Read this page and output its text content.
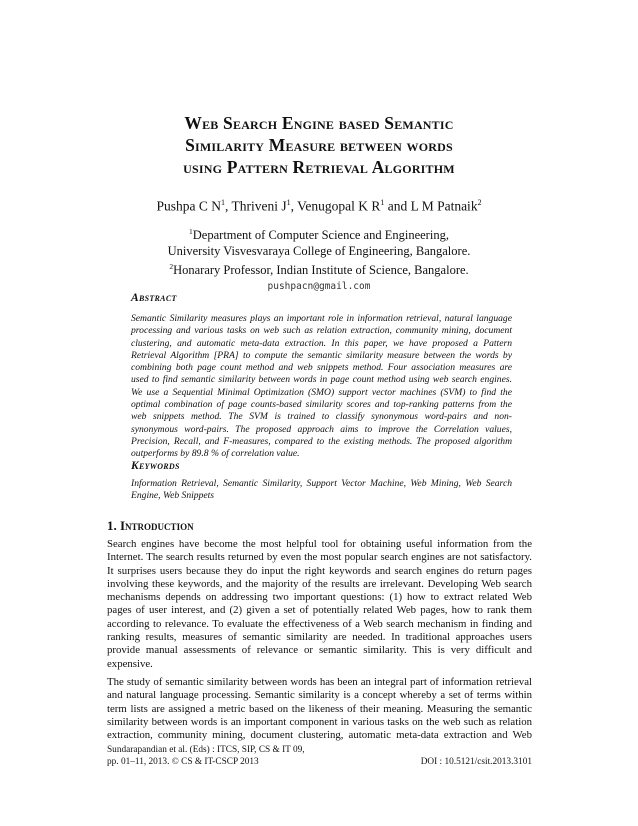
Web Search Engine based Semantic
Similarity Measure between words
using Pattern Retrieval Algorithm
Pushpa C $N^1$, Thriveni $J^1$, Venugopal K $R^1$ and L M Patnaik$^2$
$^1$Department of Computer Science and Engineering,
University Visvesvaraya College of Engineering, Bangalore.
$^2$Honarary Professor, Indian Institute of Science, Bangalore.
pushpacn@gmail.com
Abstract

Semantic Similarity measures plays an important role in information retrieval, natural language
processing and various tasks on web such as relation extraction, community mining, document
clustering, and automatic meta-data extraction. In this paper, we have proposed a Pattern
Retrieval Algorithm [PRA] to compute the semantic similarity measure between the words by
combining both page count method and web snippets method. Four association measures are
used to find semantic similarity between words in page count method using web search engines.
We use a Sequential Minimal Optimization (SMO) support vector machines (SVM) to find the
optimal combination of page counts-based similarity scores and top-ranking patterns from the
web snippets method. The SVM is trained to classify synonymous word-pairs and non-
synonymous word-pairs. The proposed approach aims to improve the Correlation values,
Precision, Recall, and F-measures, compared to the existing methods. The proposed algorithm
outperforms by 89.8 % of correlation value.

Keywords

Information Retrieval, Semantic Similarity, Support Vector Machine, Web Mining, Web Search
Engine, Web Snippets

1. Introduction

Search engines have become the most helpful tool for obtaining useful information from the
Internet. The search results returned by even the most popular search engines are not satisfactory.
It surprises users because they do input the right keywords and search engines do return pages
involving these keywords, and the majority of the results are irrelevant. Developing Web search
mechanisms depends on addressing two important questions: (1) how to extract related Web
pages of user interest, and (2) given a set of potentially related Web pages, how to rank them
according to relevance. To evaluate the effectiveness of a Web search mechanism in finding and
ranking results, measures of semantic similarity are needed. In traditional approaches users
provide manual assessments of relevance or semantic similarity. This is very difficult and
expensive.

The study of semantic similarity between words has been an integral part of information retrieval
and natural language processing. Semantic similarity is a concept whereby a set of terms within
term lists are assigned a metric based on the likeness of their meaning. Measuring the semantic
similarity between words is an important component in various tasks on the web such as relation
extraction, community mining, document clustering, automatic meta-data extraction and Web

Sundarapandian et al. (Eds) : ITCS, SIP, CS & IT 09,
pp. 01–11, 2013. © CS & IT-CSCP 2013	DOI : 10.5121/csit.2013.3101
